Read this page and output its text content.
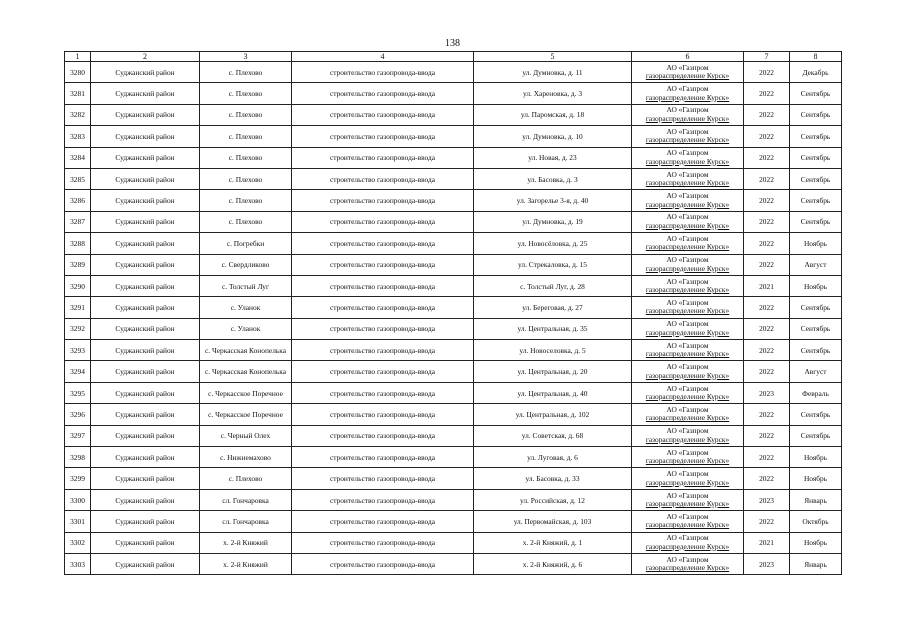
138
1	2	3	4	5	6	7	8
3280	Суджанский район	с. Плехово	строительство газопровода-ввода	ул. Думновка, д. 11	АО «Газпром
газораспределение Курск»	2022	Декабрь
3281	Суджанский район	с. Плехово	строительство газопровода-ввода	ул. Хареновка, д. 3	АО «Газпром
газораспределение Курск»	2022	Сентябрь
3282	Суджанский район	с. Плехово	строительство газопровода-ввода	ул. Паромская, д. 18	АО «Газпром
газораспределение Курск»	2022	Сентябрь
3283	Суджанский район	с. Плехово	строительство газопровода-ввода	ул. Думновка, д. 10	АО «Газпром
газораспределение Курск»	2022	Сентябрь
3284	Суджанский район	с. Плехово	строительство газопровода-ввода	ул. Новая, д. 23	АО «Газпром
газораспределение Курск»	2022	Сентябрь
3285	Суджанский район	с. Плехово	строительство газопровода-ввода	ул. Басовка, д. 3	АО «Газпром
газораспределение Курск»	2022	Сентябрь
3286	Суджанский район	с. Плехово	строительство газопровода-ввода	ул. Загорелье 3-я, д. 40	АО «Газпром
газораспределение Курск»	2022	Сентябрь
3287	Суджанский район	с. Плехово	строительство газопровода-ввода	ул. Думновка, д. 19	АО «Газпром
газораспределение Курск»	2022	Сентябрь
3288	Суджанский район	с. Погребки	строительство газопровода-ввода	ул. Новосёловка, д. 25	АО «Газпром
газораспределение Курск»	2022	Ноябрь
3289	Суджанский район	с. Свердликово	строительство газопровода-ввода	ул. Стрекаловка, д. 15	АО «Газпром
газораспределение Курск»	2022	Август
3290	Суджанский район	с. Толстый Луг	строительство газопровода-ввода	с. Толстый Луг, д. 28	АО «Газпром
газораспределение Курск»	2021	Ноябрь
3291	Суджанский район	с. Уланок	строительство газопровода-ввода	ул. Береговая, д. 27	АО «Газпром
газораспределение Курск»	2022	Сентябрь
3292	Суджанский район	с. Уланок	строительство газопровода-ввода	ул. Центральная, д. 35	АО «Газпром
газораспределение Курск»	2022	Сентябрь
3293	Суджанский район	с. Черкасская Конопелька	строительство газопровода-ввода	ул. Новоселовка, д. 5	АО «Газпром
газораспределение Курск»	2022	Сентябрь
3294	Суджанский район	с. Черкасская Конопелька	строительство газопровода-ввода	ул. Центральная, д. 20	АО «Газпром
газораспределение Курск»	2022	Август
3295	Суджанский район	с. Черкасское Поречное	строительство газопровода-ввода	ул. Центральная, д. 40	АО «Газпром
газораспределение Курск»	2023	Февраль
3296	Суджанский район	с. Черкасское Поречное	строительство газопровода-ввода	ул. Центральная, д. 102	АО «Газпром
газораспределение Курск»	2022	Сентябрь
3297	Суджанский район	с. Черный Олех	строительство газопровода-ввода	ул. Советская, д. 68	АО «Газпром
газораспределение Курск»	2022	Сентябрь
3298	Суджанский район	с. Нижнемахово	строительство газопровода-ввода	ул. Луговая, д. 6	АО «Газпром
газораспределение Курск»	2022	Ноябрь
3299	Суджанский район	с. Плехово	строительство газопровода-ввода	ул. Басовка, д. 33	АО «Газпром
газораспределение Курск»	2022	Ноябрь
3300	Суджанский район	сл. Гончаровка	строительство газопровода-ввода	ул. Российская, д. 12	АО «Газпром
газораспределение Курск»	2023	Январь
3301	Суджанский район	сл. Гончаровка	строительство газопровода-ввода	ул. Первомайская, д. 103	АО «Газпром
газораспределение Курск»	2022	Октябрь
3302	Суджанский район	х. 2-й Княжий	строительство газопровода-ввода	х. 2-й Княжий, д. 1	АО «Газпром
газораспределение Курск»	2021	Ноябрь
3303	Суджанский район	х. 2-й Княжий	строительство газопровода-ввода	х. 2-й Княжий, д. 6	АО «Газпром
газораспределение Курск»	2023	Январь
